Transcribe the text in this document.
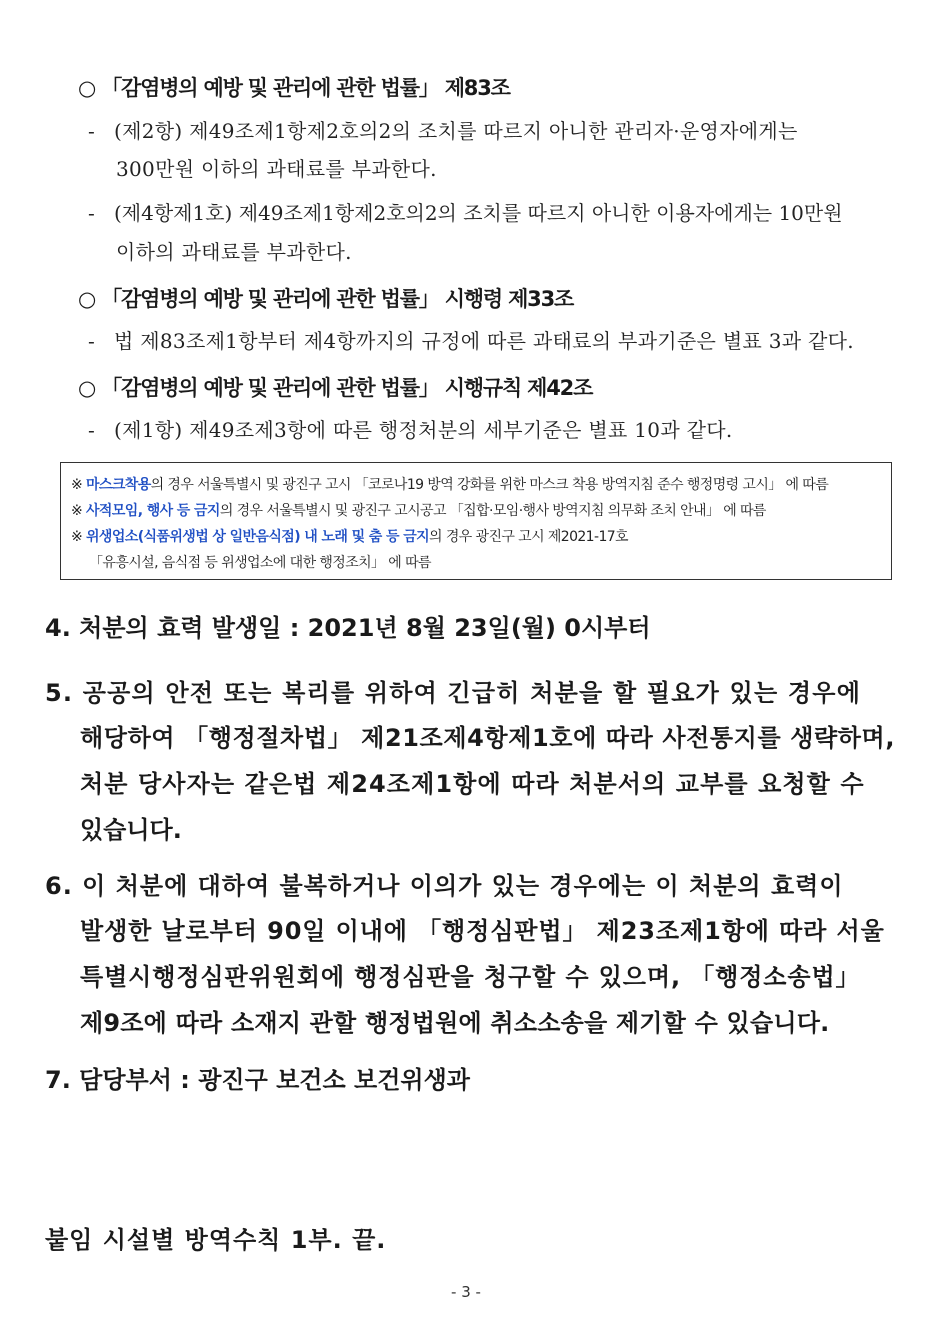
○ 「감염병의 예방 및 관리에 관한 법률」 제83조
- (제2항) 제49조제1항제2호의2의 조치를 따르지 아니한 관리자·운영자에게는
300만원 이하의 과태료를 부과한다.
- (제4항제1호) 제49조제1항제2호의2의 조치를 따르지 아니한 이용자에게는 10만원
이하의 과태료를 부과한다.
○ 「감염병의 예방 및 관리에 관한 법률」 시행령 제33조
- 법 제83조제1항부터 제4항까지의 규정에 따른 과태료의 부과기준은 별표 3과 같다.
○ 「감염병의 예방 및 관리에 관한 법률」 시행규칙 제42조
- (제1항) 제49조제3항에 따른 행정처분의 세부기준은 별표 10과 같다.
※ 마스크착용의 경우 서울특별시 및 광진구 고시 「코로나19 방역 강화를 위한 마스크 착용 방역지침 준수 행정명령 고시」 에 따름
※ 사적모임, 행사 등 금지의 경우 서울특별시 및 광진구 고시공고 「집합·모임·행사 방역지침 의무화 조치 안내」 에 따름
※ 위생업소(식품위생법 상 일반음식점) 내 노래 및 춤 등 금지의 경우 광진구 고시 제2021-17호
「유흥시설, 음식점 등 위생업소에 대한 행정조치」 에 따름
4. 처분의 효력 발생일 : 2021년 8월 23일(월) 0시부터
5. 공공의 안전 또는 복리를 위하여 긴급히 처분을 할 필요가 있는 경우에
해당하여 「행정절차법」 제21조제4항제1호에 따라 사전통지를 생략하며,
처분 당사자는 같은법 제24조제1항에 따라 처분서의 교부를 요청할 수
있습니다.
6. 이 처분에 대하여 불복하거나 이의가 있는 경우에는 이 처분의 효력이
발생한 날로부터 90일 이내에 「행정심판법」 제23조제1항에 따라 서울
특별시행정심판위원회에 행정심판을 청구할 수 있으며, 「행정소송법」
제9조에 따라 소재지 관할 행정법원에 취소소송을 제기할 수 있습니다.
7. 담당부서 : 광진구 보건소 보건위생과
붙임 시설별 방역수칙 1부. 끝.
- 3 -
